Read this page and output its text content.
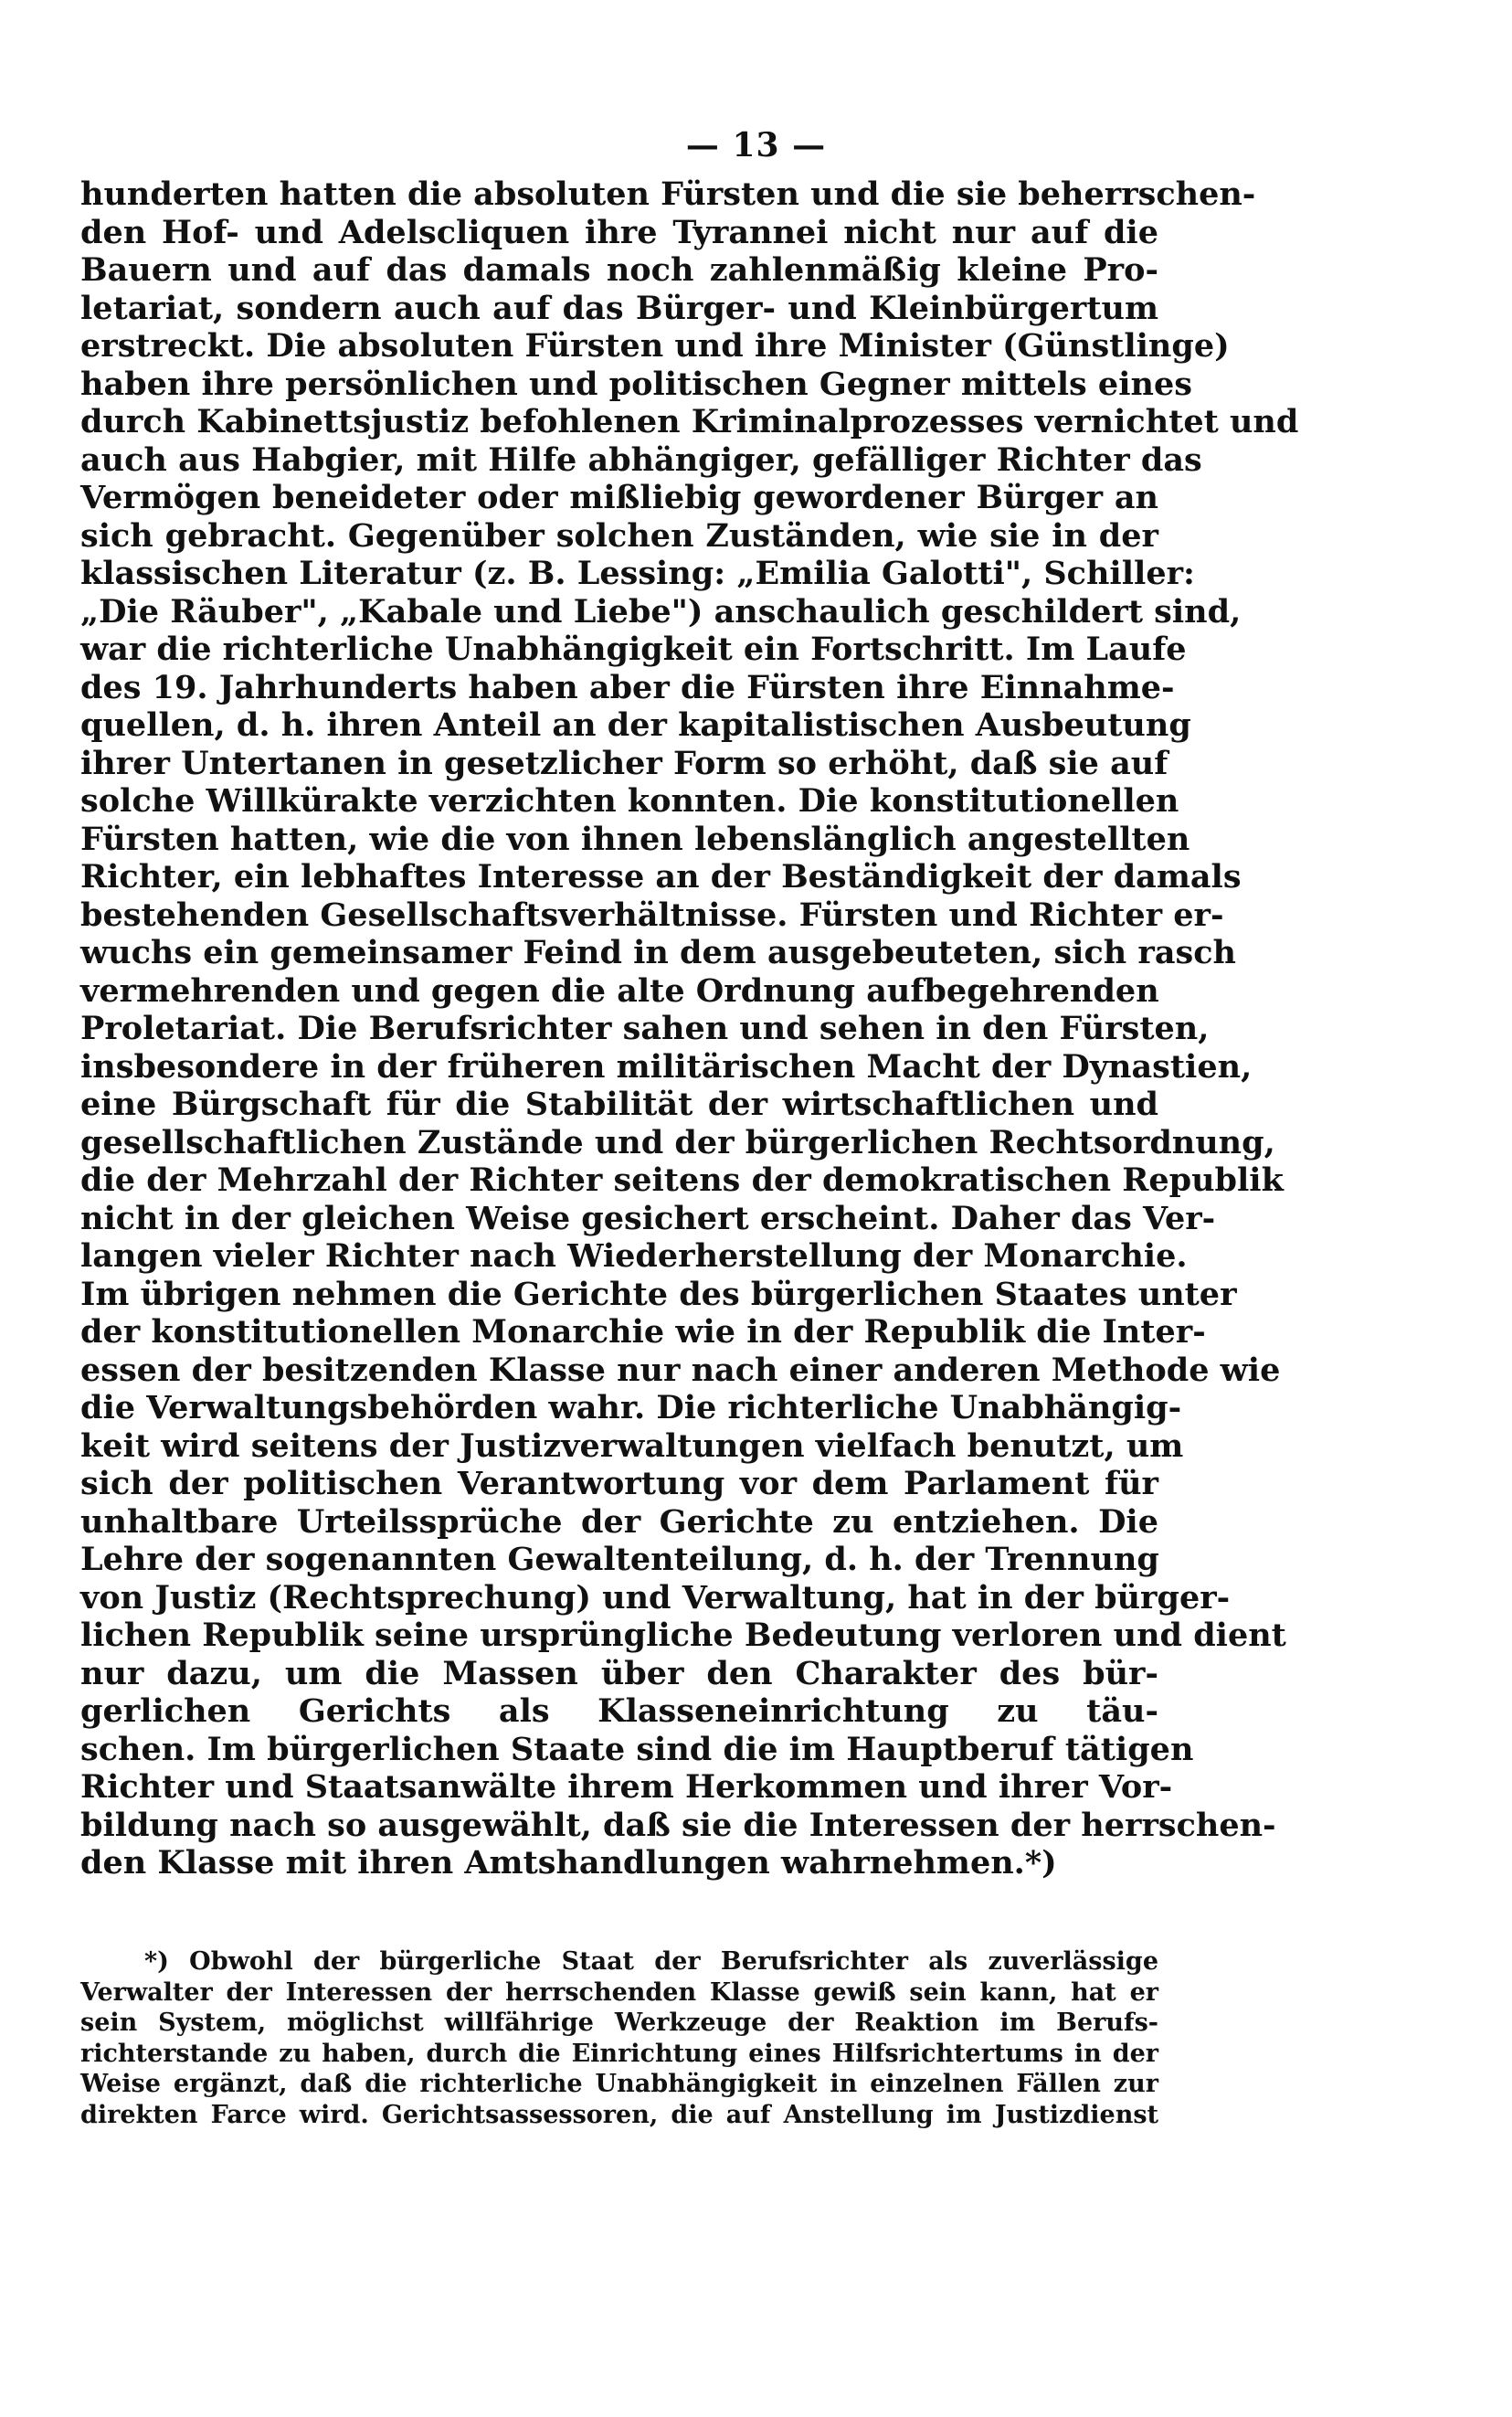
— 13 —
hunderten hatten die absoluten Fürsten und die sie beherrschen-
den Hof- und Adelscliquen ihre Tyrannei nicht nur auf die
Bauern und auf das damals noch zahlenmäßig kleine Pro-
letariat, sondern auch auf das Bürger- und Kleinbürgertum
erstreckt. Die absoluten Fürsten und ihre Minister (Günstlinge)
haben ihre persönlichen und politischen Gegner mittels eines
durch Kabinettsjustiz befohlenen Kriminalprozesses vernichtet und
auch aus Habgier, mit Hilfe abhängiger, gefälliger Richter das
Vermögen beneideter oder mißliebig gewordener Bürger an
sich gebracht. Gegenüber solchen Zuständen, wie sie in der
klassischen Literatur (z. B. Lessing: „Emilia Galotti", Schiller:
„Die Räuber", „Kabale und Liebe") anschaulich geschildert sind,
war die richterliche Unabhängigkeit ein Fortschritt. Im Laufe
des 19. Jahrhunderts haben aber die Fürsten ihre Einnahme-
quellen, d. h. ihren Anteil an der kapitalistischen Ausbeutung
ihrer Untertanen in gesetzlicher Form so erhöht, daß sie auf
solche Willkürakte verzichten konnten. Die konstitutionellen
Fürsten hatten, wie die von ihnen lebenslänglich angestellten
Richter, ein lebhaftes Interesse an der Beständigkeit der damals
bestehenden Gesellschaftsverhältnisse. Fürsten und Richter er-
wuchs ein gemeinsamer Feind in dem ausgebeuteten, sich rasch
vermehrenden und gegen die alte Ordnung aufbegehrenden
Proletariat. Die Berufsrichter sahen und sehen in den Fürsten,
insbesondere in der früheren militärischen Macht der Dynastien,
eine Bürgschaft für die Stabilität der wirtschaftlichen und
gesellschaftlichen Zustände und der bürgerlichen Rechtsordnung,
die der Mehrzahl der Richter seitens der demokratischen Republik
nicht in der gleichen Weise gesichert erscheint. Daher das Ver-
langen vieler Richter nach Wiederherstellung der Monarchie.
Im übrigen nehmen die Gerichte des bürgerlichen Staates unter
der konstitutionellen Monarchie wie in der Republik die Inter-
essen der besitzenden Klasse nur nach einer anderen Methode wie
die Verwaltungsbehörden wahr. Die richterliche Unabhängig-
keit wird seitens der Justizverwaltungen vielfach benutzt, um
sich der politischen Verantwortung vor dem Parlament für
unhaltbare Urteilssprüche der Gerichte zu entziehen. Die
Lehre der sogenannten Gewaltenteilung, d. h. der Trennung
von Justiz (Rechtsprechung) und Verwaltung, hat in der bürger-
lichen Republik seine ursprüngliche Bedeutung verloren und dient
nur dazu, um die Massen über den Charakter des bür-
gerlichen Gerichts als Klasseneinrichtung zu täu-
schen. Im bürgerlichen Staate sind die im Hauptberuf tätigen
Richter und Staatsanwälte ihrem Herkommen und ihrer Vor-
bildung nach so ausgewählt, daß sie die Interessen der herrschen-
den Klasse mit ihren Amtshandlungen wahrnehmen.*)
*) Obwohl der bürgerliche Staat der Berufsrichter als zuverlässige
Verwalter der Interessen der herrschenden Klasse gewiß sein kann, hat er
sein System, möglichst willfährige Werkzeuge der Reaktion im Berufs-
richterstande zu haben, durch die Einrichtung eines Hilfsrichtertums in der
Weise ergänzt, daß die richterliche Unabhängigkeit in einzelnen Fällen zur
direkten Farce wird. Gerichtsassessoren, die auf Anstellung im Justizdienst
